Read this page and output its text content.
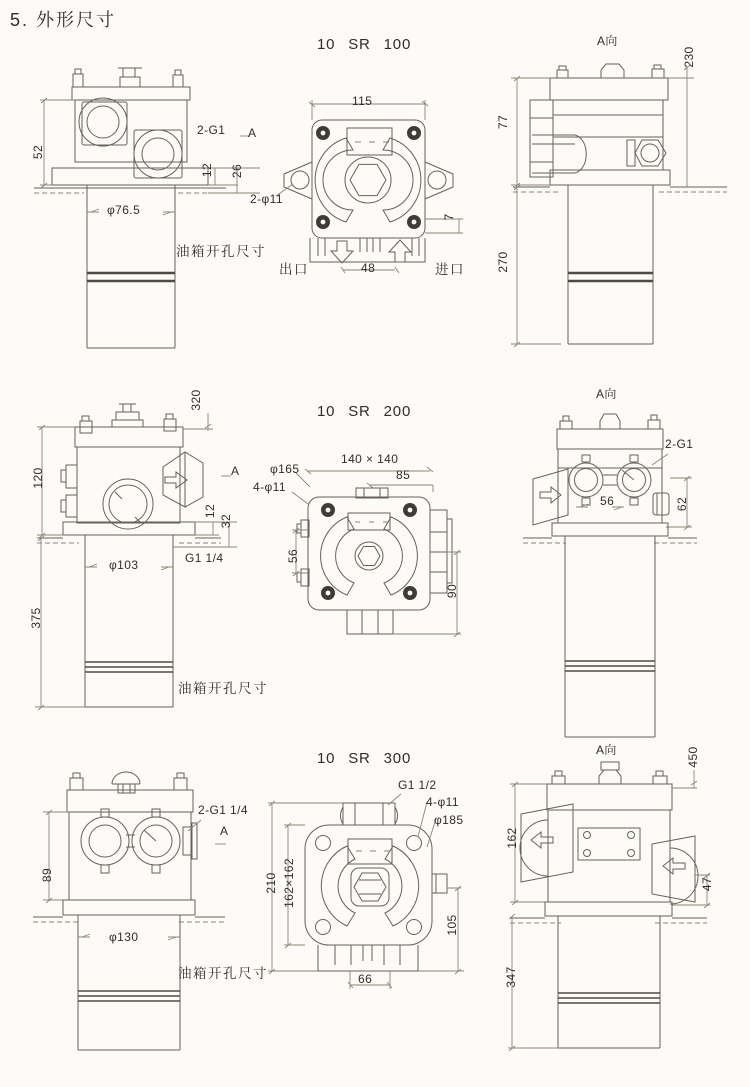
5. 外形尺寸
10 SR 100
52
2-G1 A
12 26
φ76.5
油箱开孔尺寸
115
2-φ11
出口	48	进口
7
A向
230
77
270
10 SR 200
320
120	A
12
32
φ103	G1 1/4
375
油箱开孔尺寸
140 × 140
85
φ165
4-φ11
56
90
A向
2-G1
56	62
10 SR 300
2-G1 1/4
A
89
φ130
油箱开孔尺寸
G1 1/2
4-φ11
φ185
210 162×162
105
66
A向	450
162
47
347
